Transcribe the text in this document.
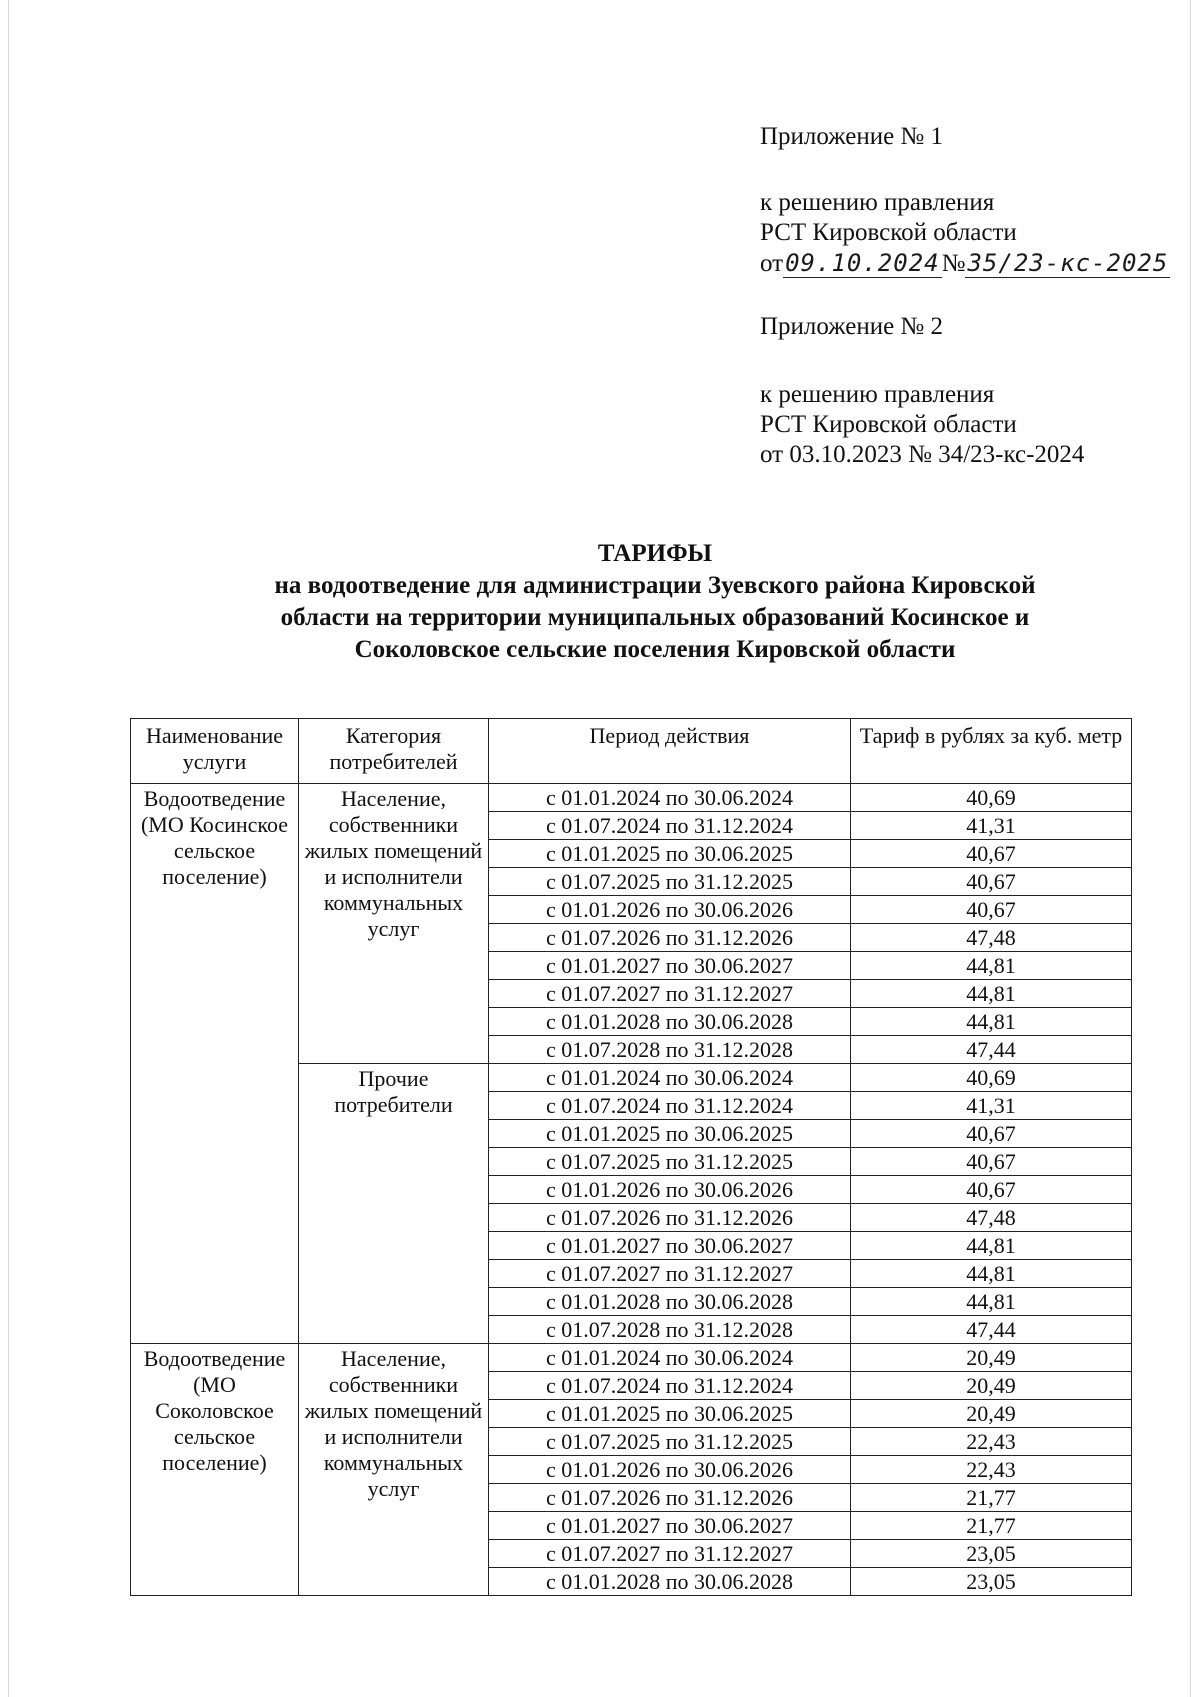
Приложение № 1
к решению правления
РСТ Кировской области
от09.10.2024№35/23-кс-2025
Приложение № 2
к решению правления
РСТ Кировской области
от 03.10.2023 № 34/23-кс-2024
ТАРИФЫ
на водоотведение для администрации Зуевского района Кировской
области на территории муниципальных образований Косинское и
Соколовское сельские поселения Кировской области
Наименование услуги	Категория потребителей	Период действия	Тариф в рублях за куб. метр
Водоотведение (МО Косинское сельское поселение)	Население, собственники жилых помещений и исполнители коммунальных услуг	с 01.01.2024 по 30.06.2024	40,69
		с 01.07.2024 по 31.12.2024	41,31
		с 01.01.2025 по 30.06.2025	40,67
		с 01.07.2025 по 31.12.2025	40,67
		с 01.01.2026 по 30.06.2026	40,67
		с 01.07.2026 по 31.12.2026	47,48
		с 01.01.2027 по 30.06.2027	44,81
		с 01.07.2027 по 31.12.2027	44,81
		с 01.01.2028 по 30.06.2028	44,81
		с 01.07.2028 по 31.12.2028	47,44
	Прочие потребители	с 01.01.2024 по 30.06.2024	40,69
		с 01.07.2024 по 31.12.2024	41,31
		с 01.01.2025 по 30.06.2025	40,67
		с 01.07.2025 по 31.12.2025	40,67
		с 01.01.2026 по 30.06.2026	40,67
		с 01.07.2026 по 31.12.2026	47,48
		с 01.01.2027 по 30.06.2027	44,81
		с 01.07.2027 по 31.12.2027	44,81
		с 01.01.2028 по 30.06.2028	44,81
		с 01.07.2028 по 31.12.2028	47,44
Водоотведение (МО Соколовское сельское поселение)	Население, собственники жилых помещений и исполнители коммунальных услуг	с 01.01.2024 по 30.06.2024	20,49
		с 01.07.2024 по 31.12.2024	20,49
		с 01.01.2025 по 30.06.2025	20,49
		с 01.07.2025 по 31.12.2025	22,43
		с 01.01.2026 по 30.06.2026	22,43
		с 01.07.2026 по 31.12.2026	21,77
		с 01.01.2027 по 30.06.2027	21,77
		с 01.07.2027 по 31.12.2027	23,05
		с 01.01.2028 по 30.06.2028	23,05
